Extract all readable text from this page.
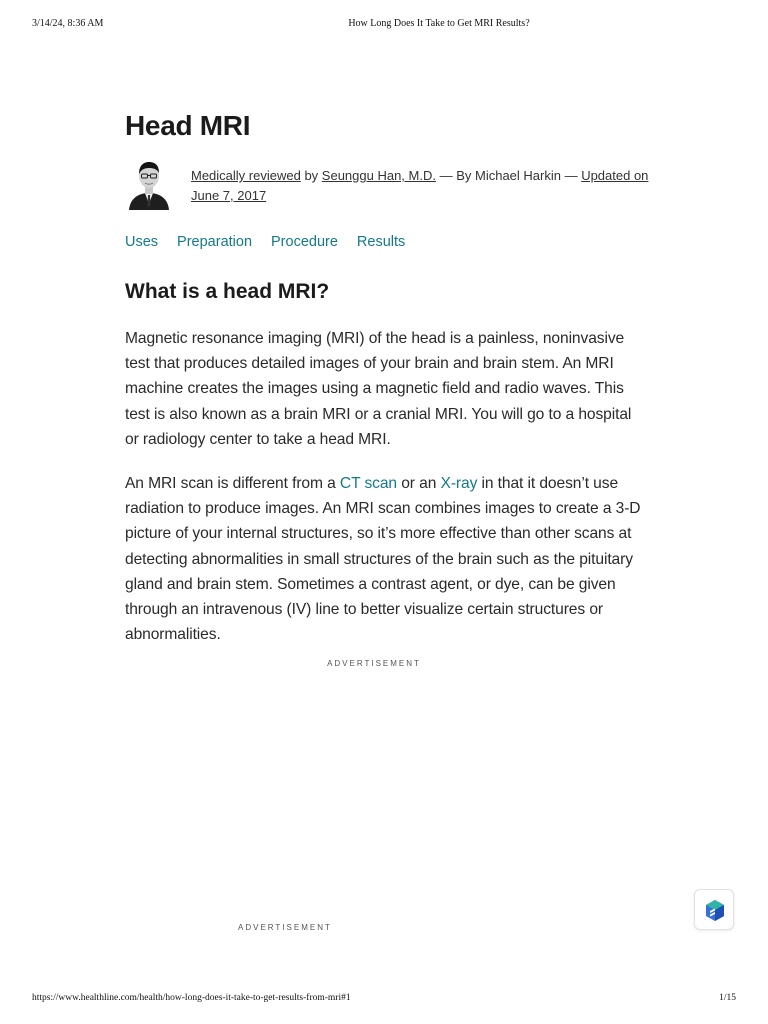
3/14/24, 8:36 AM	How Long Does It Take to Get MRI Results?
Head MRI
Medically reviewed by Seunggu Han, M.D. — By Michael Harkin — Updated on June 7, 2017
Uses Preparation Procedure Results
What is a head MRI?

Magnetic resonance imaging (MRI) of the head is a painless, noninvasive test that produces detailed images of your brain and brain stem. An MRI machine creates the images using a magnetic field and radio waves. This test is also known as a brain MRI or a cranial MRI. You will go to a hospital or radiology center to take a head MRI.

An MRI scan is different from a CT scan or an X-ray in that it doesn’t use radiation to produce images. An MRI scan combines images to create a 3-D picture of your internal structures, so it’s more effective than other scans at detecting abnormalities in small structures of the brain such as the pituitary gland and brain stem. Sometimes a contrast agent, or dye, can be given through an intravenous (IV) line to better visualize certain structures or abnormalities.

ADVERTISEMENT
ADVERTISEMENT
https://www.healthline.com/health/how-long-does-it-take-to-get-results-from-mri#1	1/15
